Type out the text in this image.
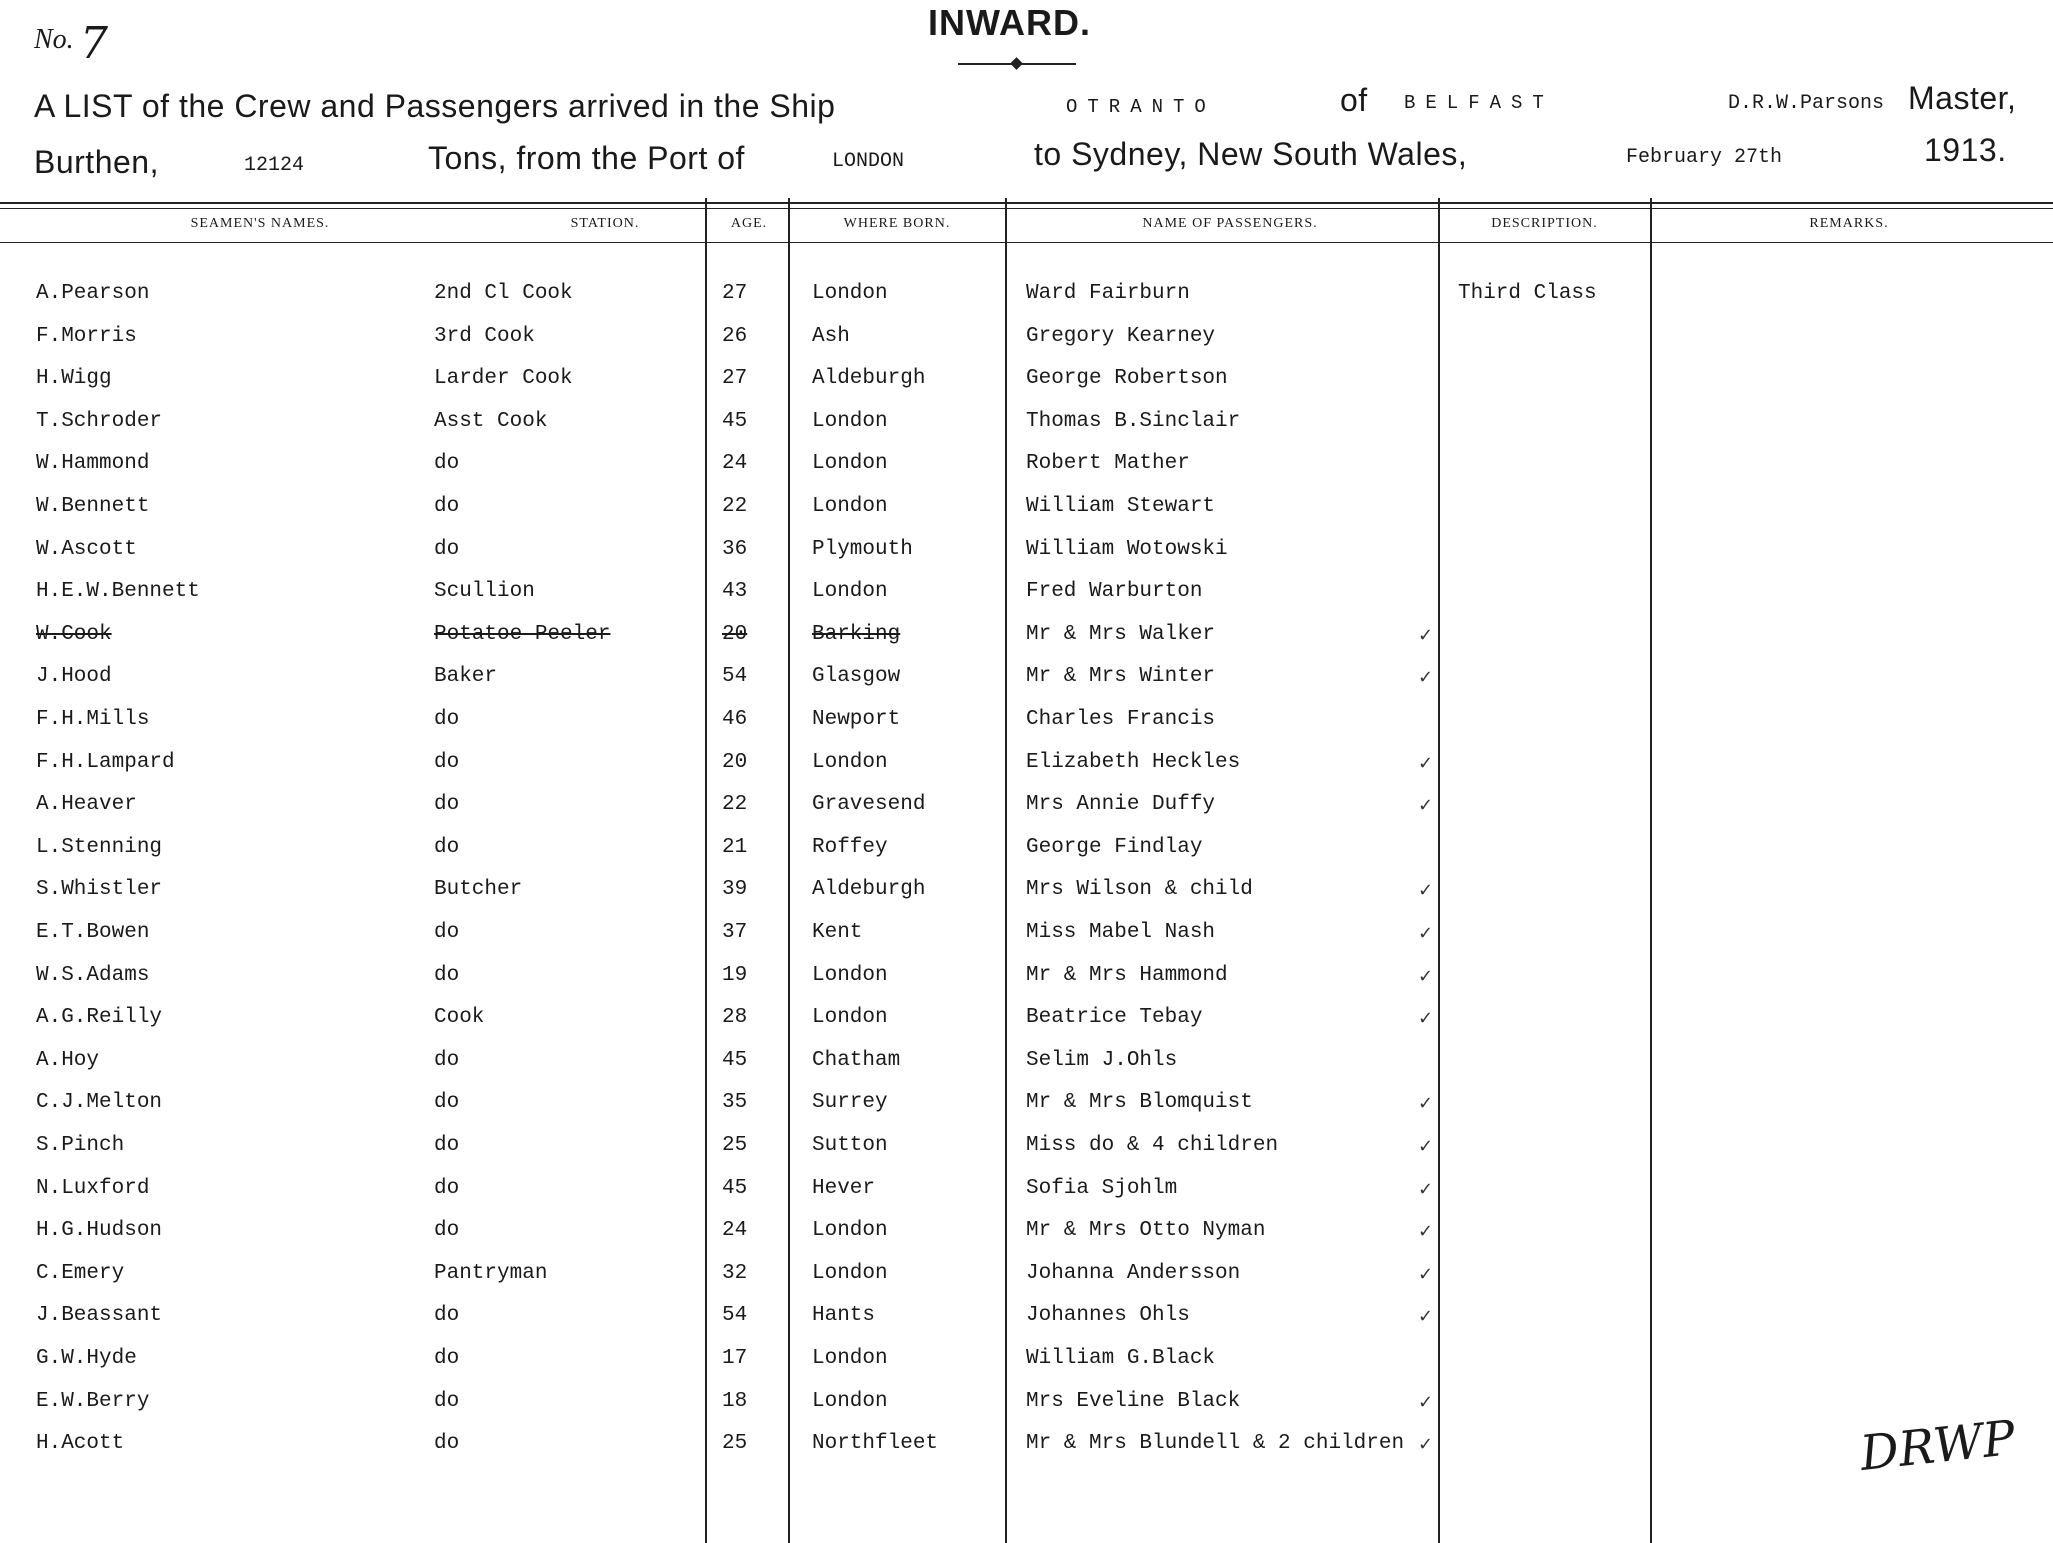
No. 7	INWARD.
A LIST of the Crew and Passengers arrived in the Ship	OTRANTO	of BELFAST	D.R.W.Parsons Master,
Burthen,	12124	Tons, from the Port of	LONDON	to Sydney, New South Wales,	February 27th	1913.
SEAMEN'S NAMES.	STATION.	AGE.	WHERE BORN.	NAME OF PASSENGERS.	DESCRIPTION.	REMARKS.
A.Pearson	2nd Cl Cook	27	London	Ward Fairburn	Third Class
F.Morris	3rd Cook	26	Ash	Gregory Kearney
H.Wigg	Larder Cook	27	Aldeburgh	George Robertson
T.Schroder	Asst Cook	45	London	Thomas B.Sinclair
W.Hammond	do	24	London	Robert Mather
W.Bennett	do	22	London	William Stewart
W.Ascott	do	36	Plymouth	William Wotowski
H.E.W.Bennett	Scullion	43	London	Fred Warburton
W.Cook	Potatoe Peeler	20	Barking	Mr & Mrs Walker	✓
J.Hood	Baker	54	Glasgow	Mr & Mrs Winter	✓
F.H.Mills	do	46	Newport	Charles Francis
F.H.Lampard	do	20	London	Elizabeth Heckles	✓
A.Heaver	do	22	Gravesend	Mrs Annie Duffy	✓
L.Stenning	do	21	Roffey	George Findlay
S.Whistler	Butcher	39	Aldeburgh	Mrs Wilson & child	✓
E.T.Bowen	do	37	Kent	Miss Mabel Nash	✓
W.S.Adams	do	19	London	Mr & Mrs Hammond	✓
A.G.Reilly	Cook	28	London	Beatrice Tebay	✓
A.Hoy	do	45	Chatham	Selim J.Ohls
C.J.Melton	do	35	Surrey	Mr & Mrs Blomquist	✓
S.Pinch	do	25	Sutton	Miss do & 4 children	✓
N.Luxford	do	45	Hever	Sofia Sjohlm	✓
H.G.Hudson	do	24	London	Mr & Mrs Otto Nyman	✓
C.Emery	Pantryman	32	London	Johanna Andersson	✓
J.Beassant	do	54	Hants	Johannes Ohls	✓
G.W.Hyde	do	17	London	William G.Black
E.W.Berry	do	18	London	Mrs Eveline Black	✓
H.Acott	do	25	Northfleet	Mr & Mrs Blundell & 2 children ✓	DRWP
